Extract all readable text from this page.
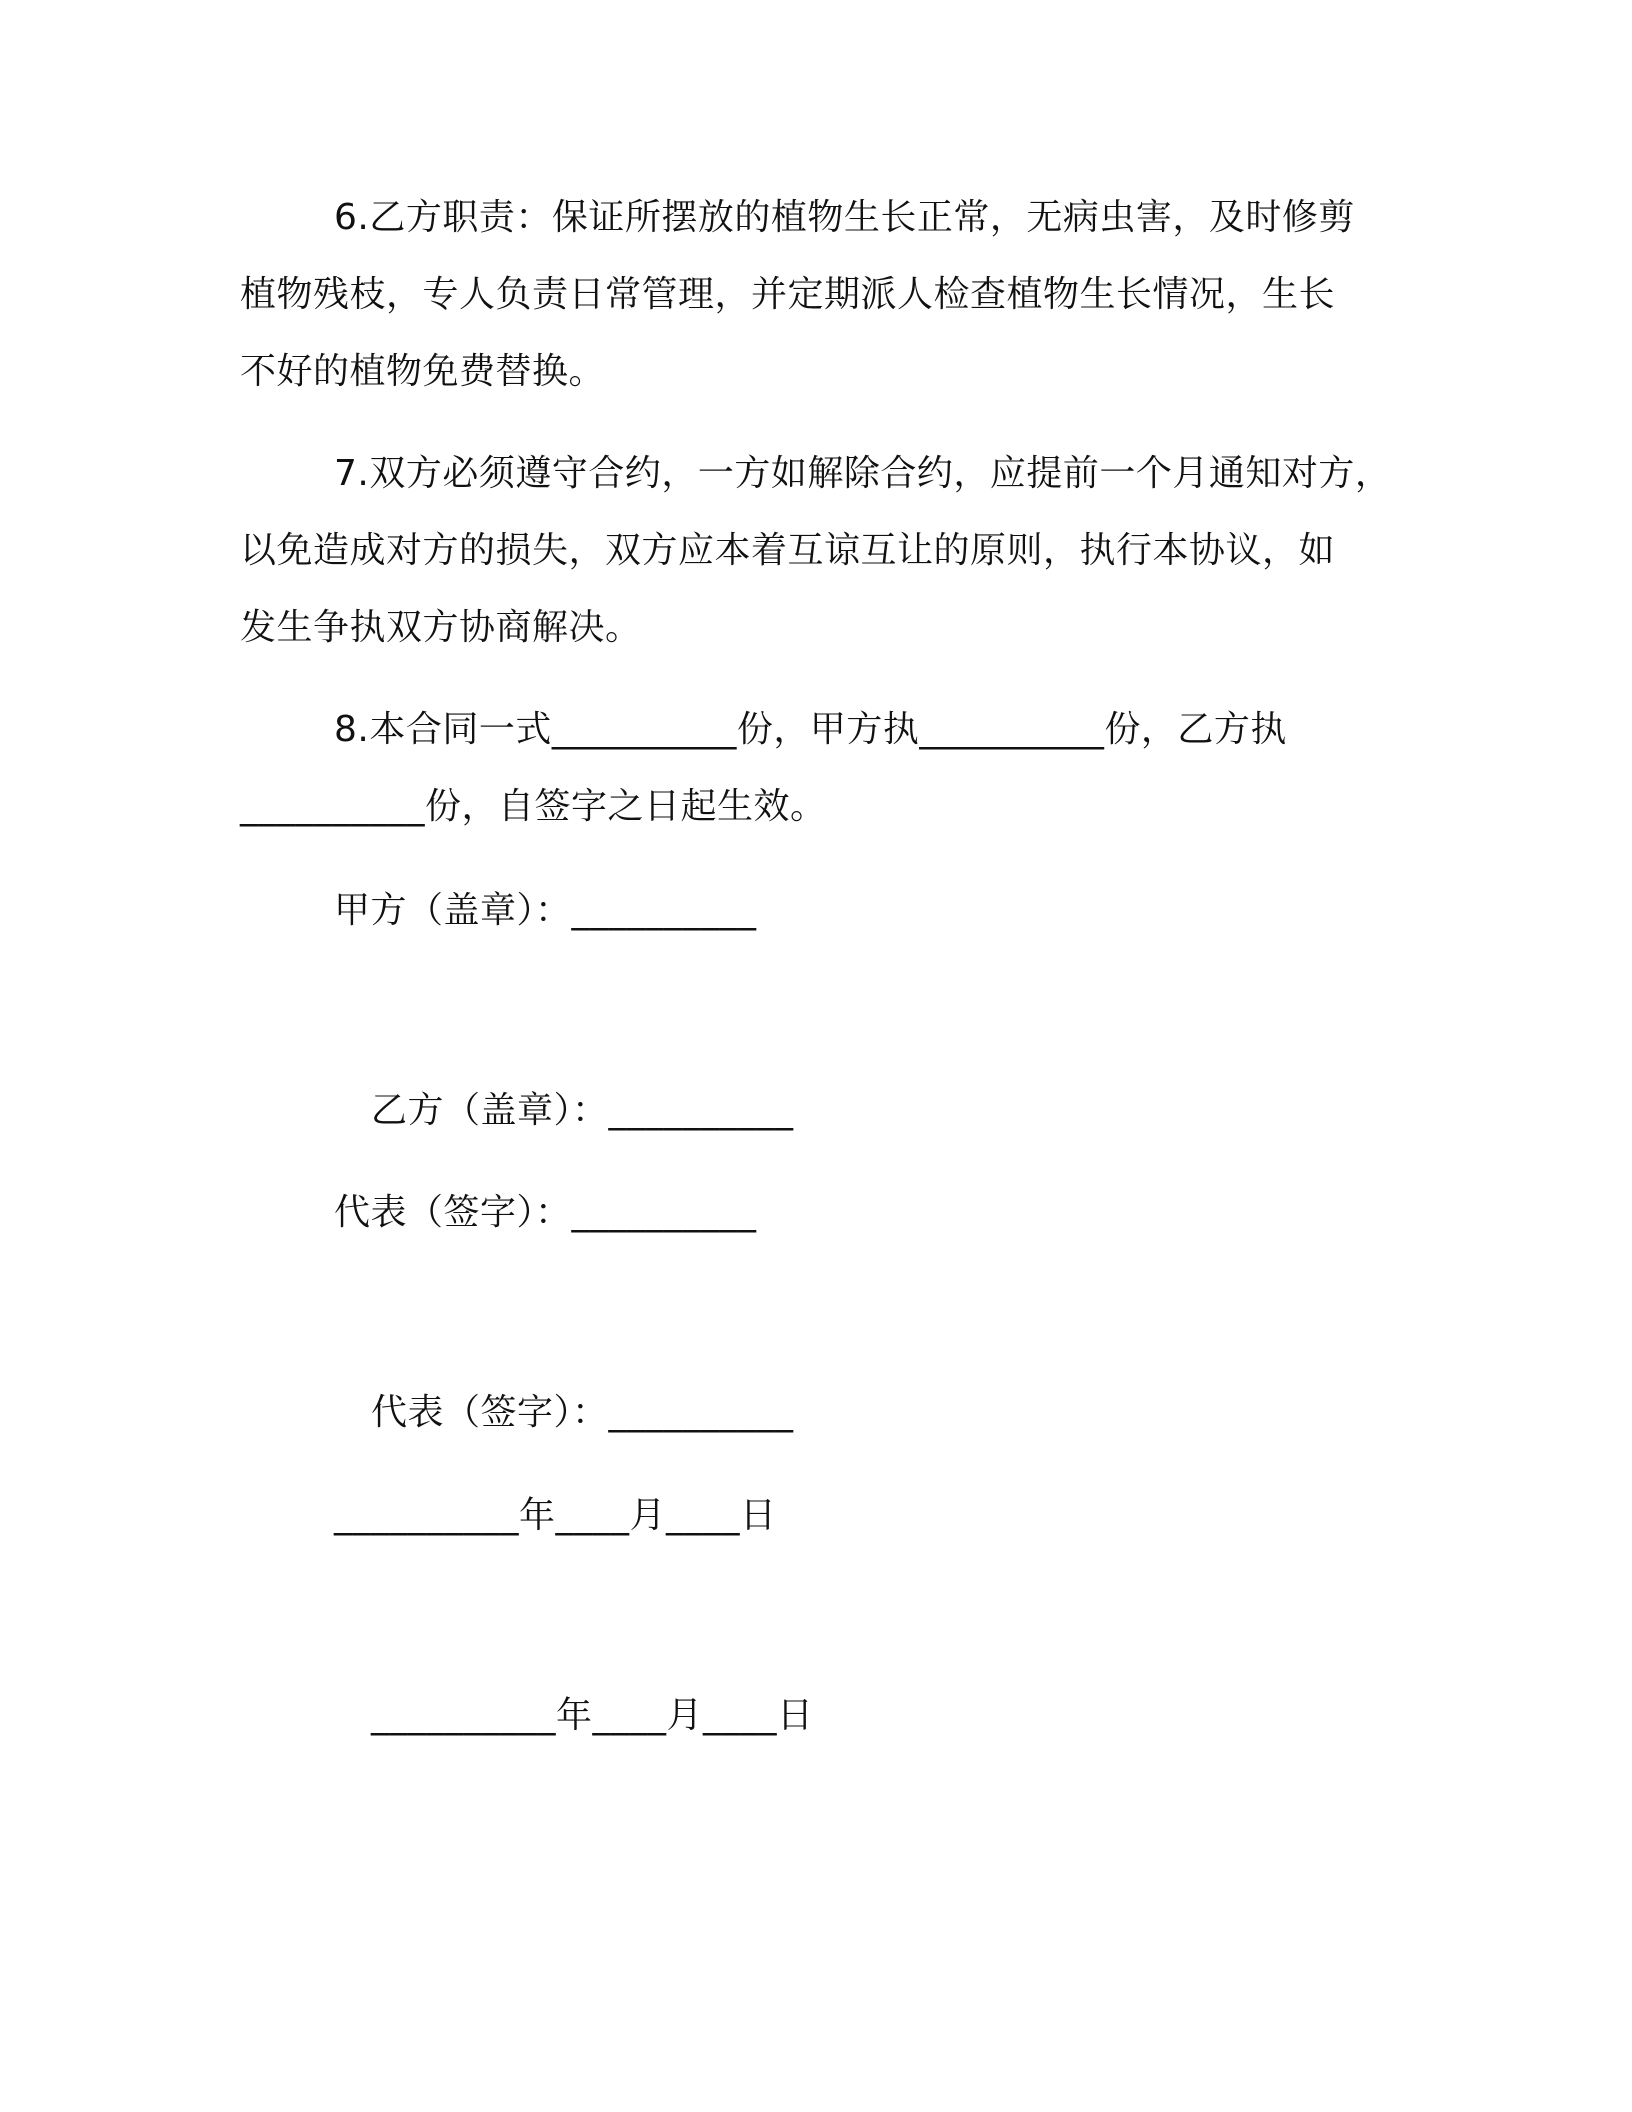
6.乙方职责：保证所摆放的植物生长正常，无病虫害，及时修剪
植物残枝，专人负责日常管理，并定期派人检查植物生长情况，生长
不好的植物免费替换。
7.双方必须遵守合约，一方如解除合约，应提前一个月通知对方，
以免造成对方的损失，双方应本着互谅互让的原则，执行本协议，如
发生争执双方协商解决。
8.本合同一式__________份，甲方执__________份，乙方执
__________份，自签字之日起生效。
甲方（盖章）：__________
乙方（盖章）：__________
代表（签字）：__________
代表（签字）：__________
__________年____月____日
__________年____月____日
